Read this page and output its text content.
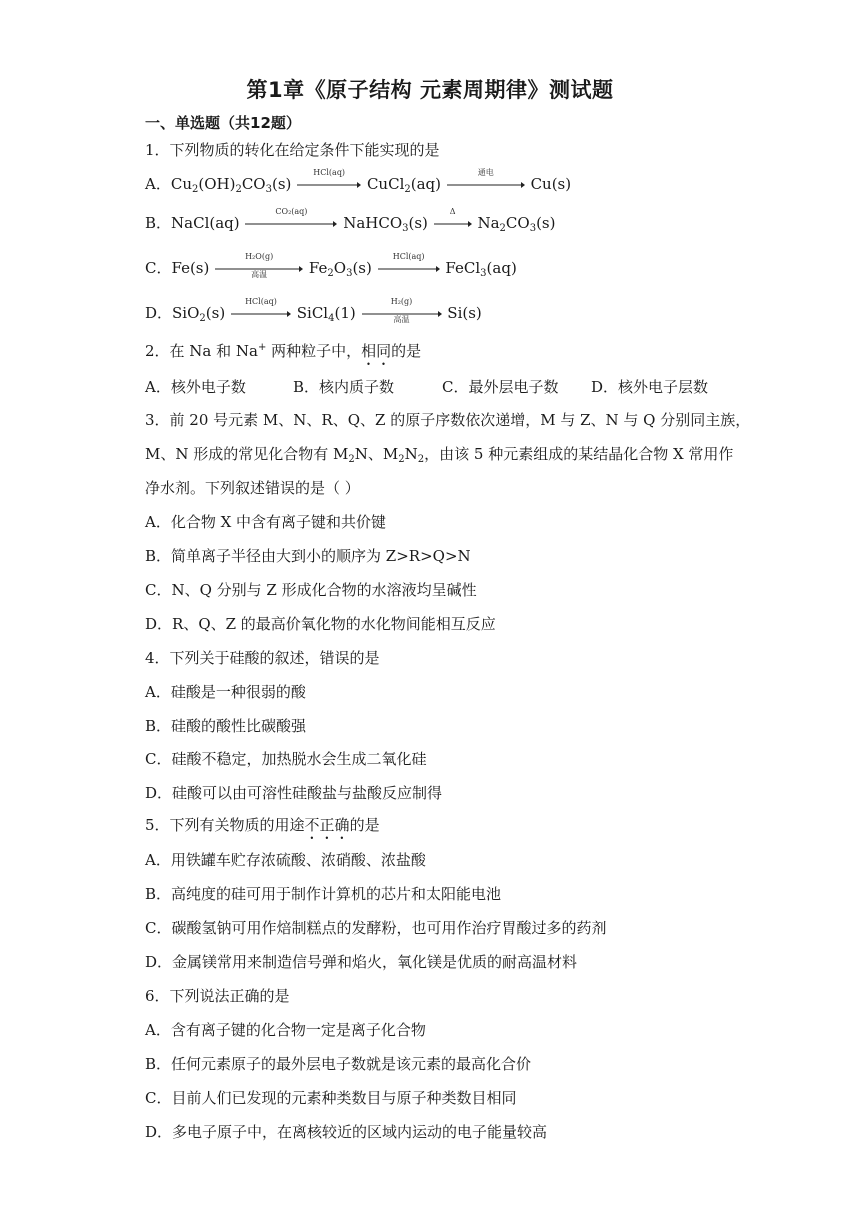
第1章《原子结构 元素周期律》测试题
一、单选题（共12题）
1．下列物质的转化在给定条件下能实现的是
A．$Cu_2(OH)_2CO_3(s)$
HCl(aq)
CuCl$_2$(aq)
通电
Cu(s)
B．NaCl(aq)
CO₂(aq)
NaHCO$_3$(s)
Δ
$Na_2CO_3(s)$
C．Fe(s)
H₂O(g)
高温	$Fe_2O_3(s)$
HCl(aq)
FeCl$_3$(aq)
D．SiO$_2$(s)
HCl(aq)
SiCl$_4$(1)
H₂(g)
高温	Si(s)
2．在 Na 和 Na+ 两种粒子中，相同的是
A．核外电子数	B．核内质子数	C．最外层电子数 D．核外电子层数
3．前 20 号元素 M、N、R、Q、Z 的原子序数依次递增，M 与 Z、N 与 Q 分别同主族，
M、N 形成的常见化合物有 $M_2N$、$M_2N_2$，由该 5 种元素组成的某结晶化合物 X 常用作
净水剂。下列叙述错误的是（ ）
A．化合物 X 中含有离子键和共价键
B．简单离子半径由大到小的顺序为 Z>R>Q>N
C．N、Q 分别与 Z 形成化合物的水溶液均呈碱性
D．R、Q、Z 的最高价氧化物的水化物间能相互反应
4．下列关于硅酸的叙述，错误的是
A．硅酸是一种很弱的酸
B．硅酸的酸性比碳酸强
C．硅酸不稳定，加热脱水会生成二氧化硅
D．硅酸可以由可溶性硅酸盐与盐酸反应制得
5．下列有关物质的用途不正确的是
A．用铁罐车贮存浓硫酸、浓硝酸、浓盐酸
B．高纯度的硅可用于制作计算机的芯片和太阳能电池
C．碳酸氢钠可用作焙制糕点的发酵粉，也可用作治疗胃酸过多的药剂
D．金属镁常用来制造信号弹和焰火，氧化镁是优质的耐高温材料
6．下列说法正确的是
A．含有离子键的化合物一定是离子化合物
B．任何元素原子的最外层电子数就是该元素的最高化合价
C．目前人们已发现的元素种类数目与原子种类数目相同
D．多电子原子中，在离核较近的区域内运动的电子能量较高
